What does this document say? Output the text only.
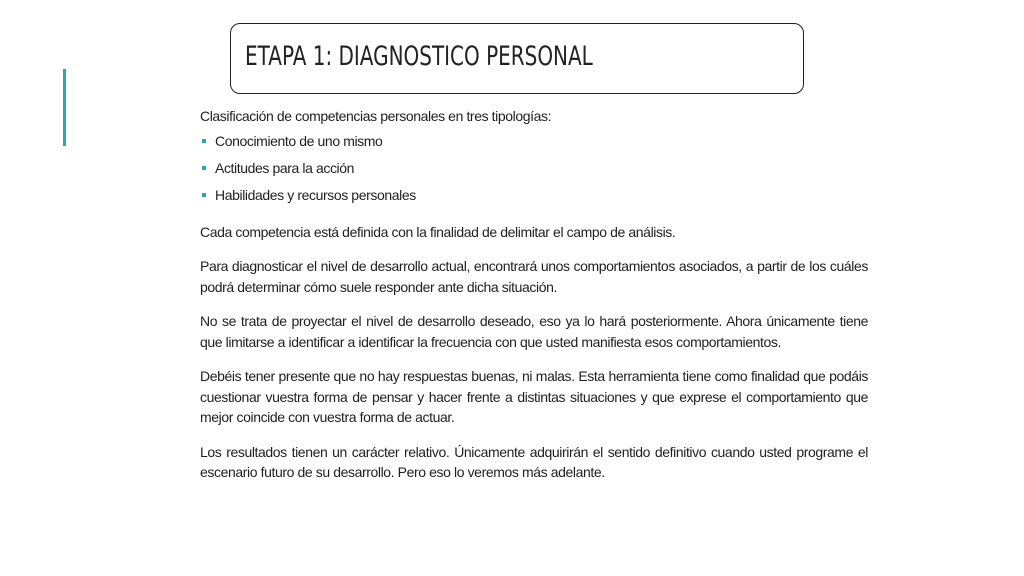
ETAPA 1: DIAGNOSTICO PERSONAL

Clasificación de competencias personales en tres tipologías:

Conocimiento de uno mismo
Actitudes para la acción
Habilidades y recursos personales

Cada competencia está definida con la finalidad de delimitar el campo de análisis.

Para diagnosticar el nivel de desarrollo actual, encontrará unos comportamientos asociados, a partir de los cuáles podrá determinar cómo suele responder ante dicha situación.

No se trata de proyectar el nivel de desarrollo deseado, eso ya lo hará posteriormente. Ahora únicamente tiene que limitarse a identificar a identificar la frecuencia con que usted manifiesta esos comportamientos.

Debéis tener presente que no hay respuestas buenas, ni malas. Esta herramienta tiene como finalidad que podáis cuestionar vuestra forma de pensar y hacer frente a distintas situaciones y que exprese el comportamiento que mejor coincide con vuestra forma de actuar.

Los resultados tienen un carácter relativo. Únicamente adquirirán el sentido definitivo cuando usted programe el escenario futuro de su desarrollo. Pero eso lo veremos más adelante.
